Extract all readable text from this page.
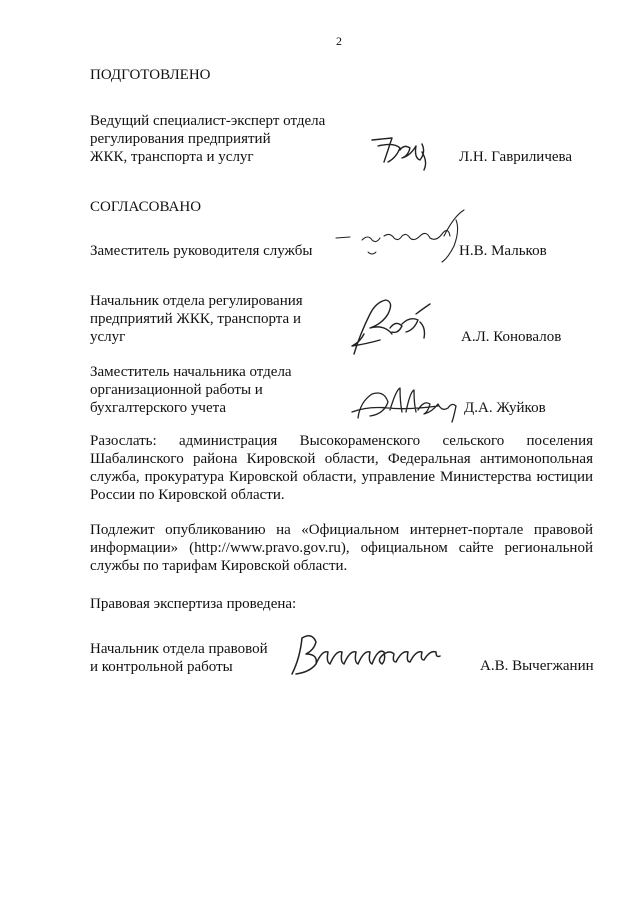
2
ПОДГОТОВЛЕНО
Ведущий специалист-эксперт отдела
регулирования предприятий
ЖКК, транспорта и услуг	Л.Н. Гавриличева
СОГЛАСОВАНО
Заместитель руководителя службы	Н.В. Мальков
Начальник отдела регулирования
предприятий ЖКК, транспорта и
услуг	А.Л. Коновалов
Заместитель начальника отдела
организационной работы и
бухгалтерского учета	Д.А. Жуйков
Разослать: администрация Высокораменского сельского поселения Шабалинского района Кировской области, Федеральная антимонопольная служба, прокуратура Кировской области, управление Министерства юстиции России по Кировской области.
Подлежит опубликованию на «Официальном интернет-портале правовой информации» (http://www.pravo.gov.ru), официальном сайте региональной службы по тарифам Кировской области.
Правовая экспертиза проведена:
Начальник отдела правовой
и контрольной работы	А.В. Вычегжанин
